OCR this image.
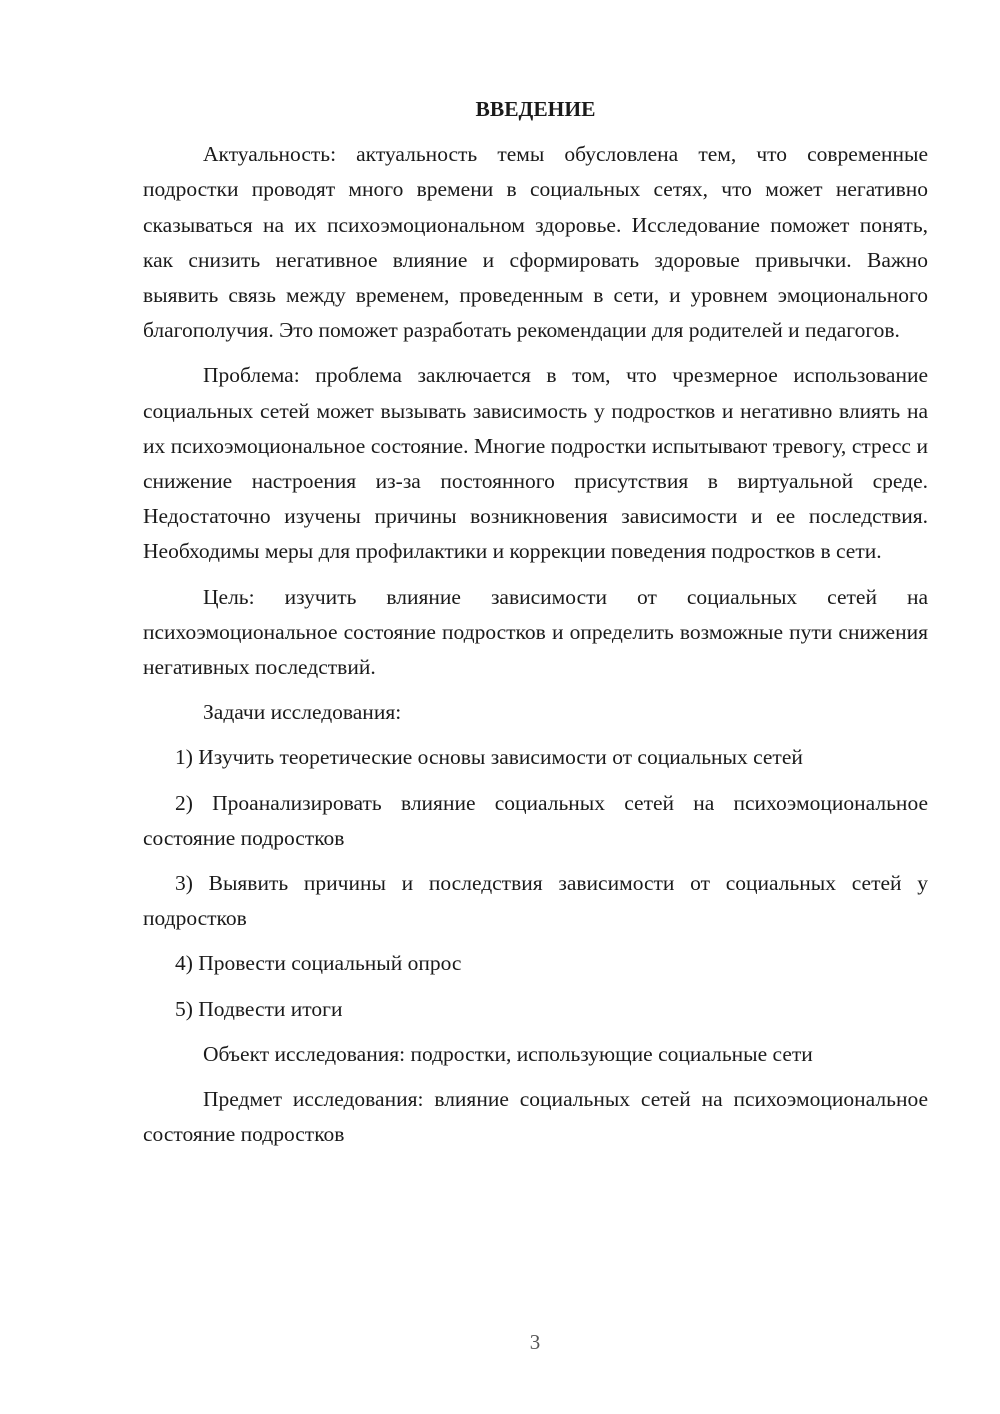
ВВЕДЕНИЕ

Актуальность: актуальность темы обусловлена тем, что современные подростки проводят много времени в социальных сетях, что может негативно сказываться на их психоэмоциональном здоровье. Исследование поможет понять, как снизить негативное влияние и сформировать здоровые привычки. Важно выявить связь между временем, проведенным в сети, и уровнем эмоционального благополучия. Это поможет разработать рекомендации для родителей и педагогов.

Проблема: проблема заключается в том, что чрезмерное использование социальных сетей может вызывать зависимость у подростков и негативно влиять на их психоэмоциональное состояние. Многие подростки испытывают тревогу, стресс и снижение настроения из-за постоянного присутствия в виртуальной среде. Недостаточно изучены причины возникновения зависимости и ее последствия. Необходимы меры для профилактики и коррекции поведения подростков в сети.

Цель: изучить влияние зависимости от социальных сетей на психоэмоциональное состояние подростков и определить возможные пути снижения негативных последствий.

Задачи исследования:

1) Изучить теоретические основы зависимости от социальных сетей

2) Проанализировать влияние социальных сетей на психоэмоциональное состояние подростков

3) Выявить причины и последствия зависимости от социальных сетей у подростков

4) Провести социальный опрос

5) Подвести итоги

Объект исследования: подростки, использующие социальные сети

Предмет исследования: влияние социальных сетей на психоэмоциональное состояние подростков

3
